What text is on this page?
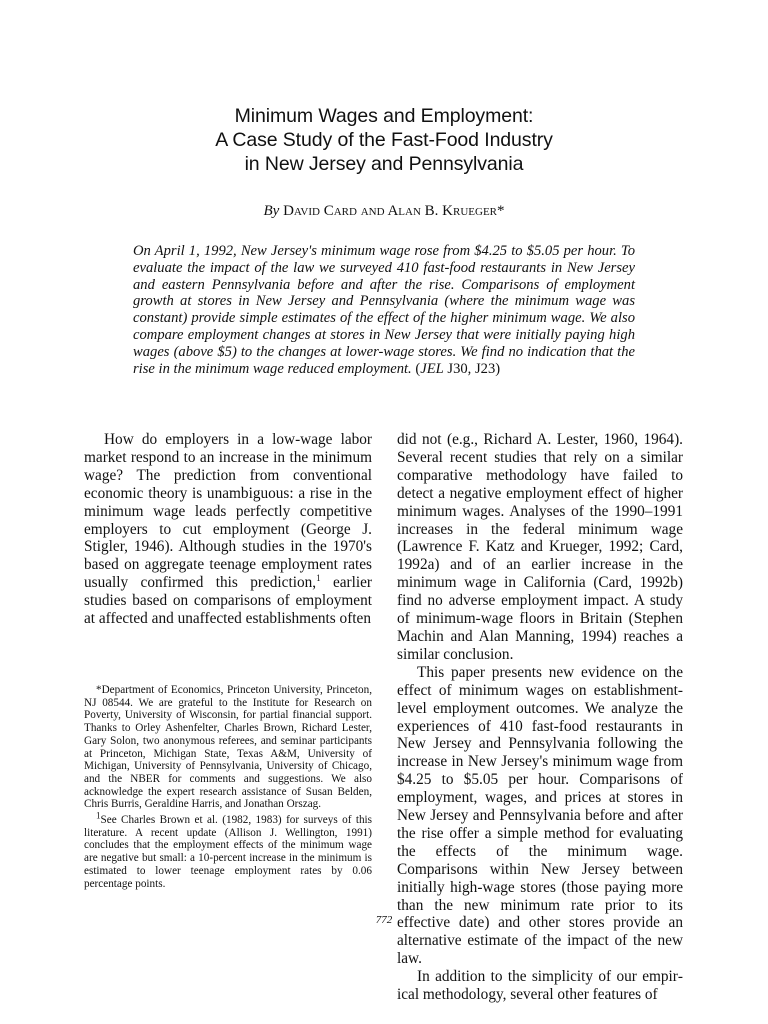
Minimum Wages and Employment:
A Case Study of the Fast-Food Industry
in New Jersey and Pennsylvania
By David Card and Alan B. Krueger*
On April 1, 1992, New Jersey's minimum wage rose from $4.25 to $5.05 per hour. To evaluate the impact of the law we surveyed 410 fast-food restaurants in New Jersey and eastern Pennsylvania before and after the rise. Comparisons of employment growth at stores in New Jersey and Pennsylvania (where the minimum wage was constant) provide simple estimates of the effect of the higher minimum wage. We also compare employment changes at stores in New Jersey that were initially paying high wages (above $5) to the changes at lower-wage stores. We find no indication that the rise in the minimum wage reduced employment. (JEL J30, J23)

How do employers in a low-wage labor market respond to an increase in the minimum wage? The prediction from conventional economic theory is unambiguous: a rise in the minimum wage leads perfectly competitive employers to cut employment (George J. Stigler, 1946). Although studies in the 1970's based on aggregate teenage employment rates usually confirmed this prediction,$^1$ earlier studies based on comparisons of employment at affected and unaffected establishments often

did not (e.g., Richard A. Lester, 1960, 1964). Several recent studies that rely on a similar comparative methodology have failed to detect a negative employment effect of higher minimum wages. Analyses of the 1990–1991 increases in the federal minimum wage (Lawrence F. Katz and Krueger, 1992; Card, 1992a) and of an earlier increase in the minimum wage in California (Card, 1992b) find no adverse employment impact. A study of minimum-wage floors in Britain (Stephen Machin and Alan Manning, 1994) reaches a similar conclusion.

This paper presents new evidence on the effect of minimum wages on establishment-level employment outcomes. We analyze the experiences of 410 fast-food restaurants in New Jersey and Pennsylvania following the increase in New Jersey's minimum wage from $4.25 to $5.05 per hour. Comparisons of employment, wages, and prices at stores in New Jersey and Pennsylvania before and after the rise offer a simple method for evaluating the effects of the minimum wage. Comparisons within New Jersey between initially high-wage stores (those paying more than the new minimum rate prior to its effective date) and other stores provide an alternative estimate of the impact of the new law.

In addition to the simplicity of our empirical methodology, several other features of

*Department of Economics, Princeton University, Princeton, NJ 08544. We are grateful to the Institute for Research on Poverty, University of Wisconsin, for partial financial support. Thanks to Orley Ashenfelter, Charles Brown, Richard Lester, Gary Solon, two anonymous referees, and seminar participants at Princeton, Michigan State, Texas A&M, University of Michigan, University of Pennsylvania, University of Chicago, and the NBER for comments and suggestions. We also acknowledge the expert research assistance of Susan Belden, Chris Burris, Geraldine Harris, and Jonathan Orszag.

$^1$See Charles Brown et al. (1982, 1983) for surveys of this literature. A recent update (Allison J. Wellington, 1991) concludes that the employment effects of the minimum wage are negative but small: a 10-percent increase in the minimum is estimated to lower teenage employment rates by 0.06 percentage points.

772
